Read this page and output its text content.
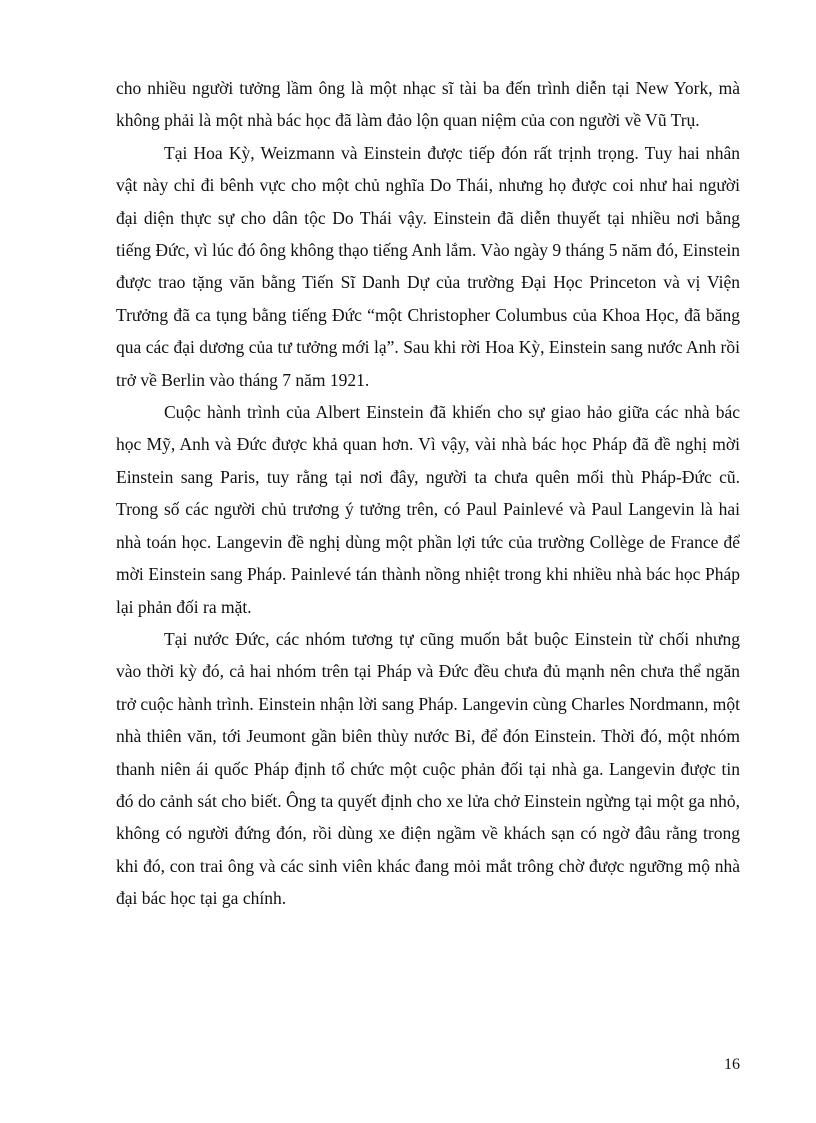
cho nhiều người tưởng lầm ông là một nhạc sĩ tài ba đến trình diễn tại New York, mà không phải là một nhà bác học đã làm đảo lộn quan niệm của con người về Vũ Trụ.

Tại Hoa Kỳ, Weizmann và Einstein được tiếp đón rất trịnh trọng. Tuy hai nhân vật này chỉ đi bênh vực cho một chủ nghĩa Do Thái, nhưng họ được coi như hai người đại diện thực sự cho dân tộc Do Thái vậy. Einstein đã diễn thuyết tại nhiều nơi bằng tiếng Đức, vì lúc đó ông không thạo tiếng Anh lắm. Vào ngày 9 tháng 5 năm đó, Einstein được trao tặng văn bằng Tiến Sĩ Danh Dự của trường Đại Học Princeton và vị Viện Trưởng đã ca tụng bằng tiếng Đức “một Christopher Columbus của Khoa Học, đã băng qua các đại dương của tư tưởng mới lạ”. Sau khi rời Hoa Kỳ, Einstein sang nước Anh rồi trở về Berlin vào tháng 7 năm 1921.

Cuộc hành trình của Albert Einstein đã khiến cho sự giao hảo giữa các nhà bác học Mỹ, Anh và Đức được khả quan hơn. Vì vậy, vài nhà bác học Pháp đã đề nghị mời Einstein sang Paris, tuy rằng tại nơi đây, người ta chưa quên mối thù Pháp-Đức cũ. Trong số các người chủ trương ý tưởng trên, có Paul Painlevé và Paul Langevin là hai nhà toán học. Langevin đề nghị dùng một phần lợi tức của trường Collège de France để mời Einstein sang Pháp. Painlevé tán thành nồng nhiệt trong khi nhiều nhà bác học Pháp lại phản đối ra mặt.

Tại nước Đức, các nhóm tương tự cũng muốn bắt buộc Einstein từ chối nhưng vào thời kỳ đó, cả hai nhóm trên tại Pháp và Đức đều chưa đủ mạnh nên chưa thể ngăn trở cuộc hành trình. Einstein nhận lời sang Pháp. Langevin cùng Charles Nordmann, một nhà thiên văn, tới Jeumont gần biên thùy nước Bỉ, để đón Einstein. Thời đó, một nhóm thanh niên ái quốc Pháp định tổ chức một cuộc phản đối tại nhà ga. Langevin được tin đó do cảnh sát cho biết. Ông ta quyết định cho xe lửa chở Einstein ngừng tại một ga nhỏ, không có người đứng đón, rồi dùng xe điện ngầm về khách sạn có ngờ đâu rằng trong khi đó, con trai ông và các sinh viên khác đang mỏi mắt trông chờ được ngưỡng mộ nhà đại bác học tại ga chính.

16
